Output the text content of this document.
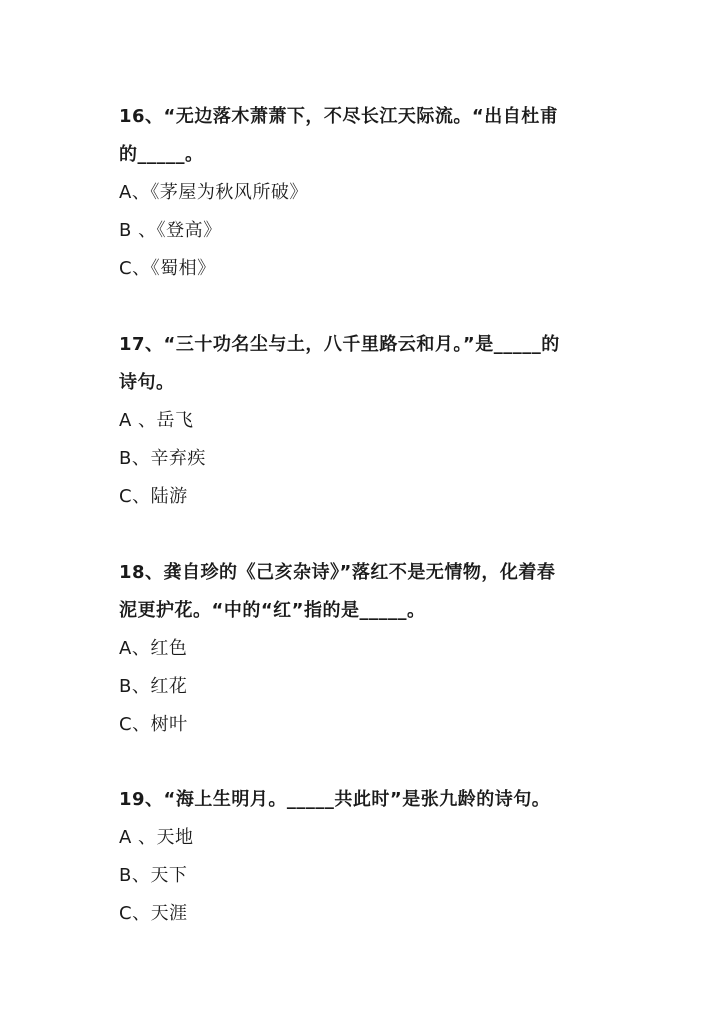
16、“无边落木萧萧下，不尽长江天际流。“出自杜甫

的_____。

A、《茅屋为秋风所破》

B 、《登高》

C、《蜀相》

17、“三十功名尘与土，八千里路云和月。”是_____的

诗句。

A 、岳飞

B、辛弃疾

C、陆游

18、龚自珍的《己亥杂诗》”落红不是无情物，化着春

泥更护花。“中的“红”指的是_____。

A、红色

B、红花

C、树叶

19、“海上生明月。_____共此时”是张九龄的诗句。

A 、天地

B、天下

C、天涯
